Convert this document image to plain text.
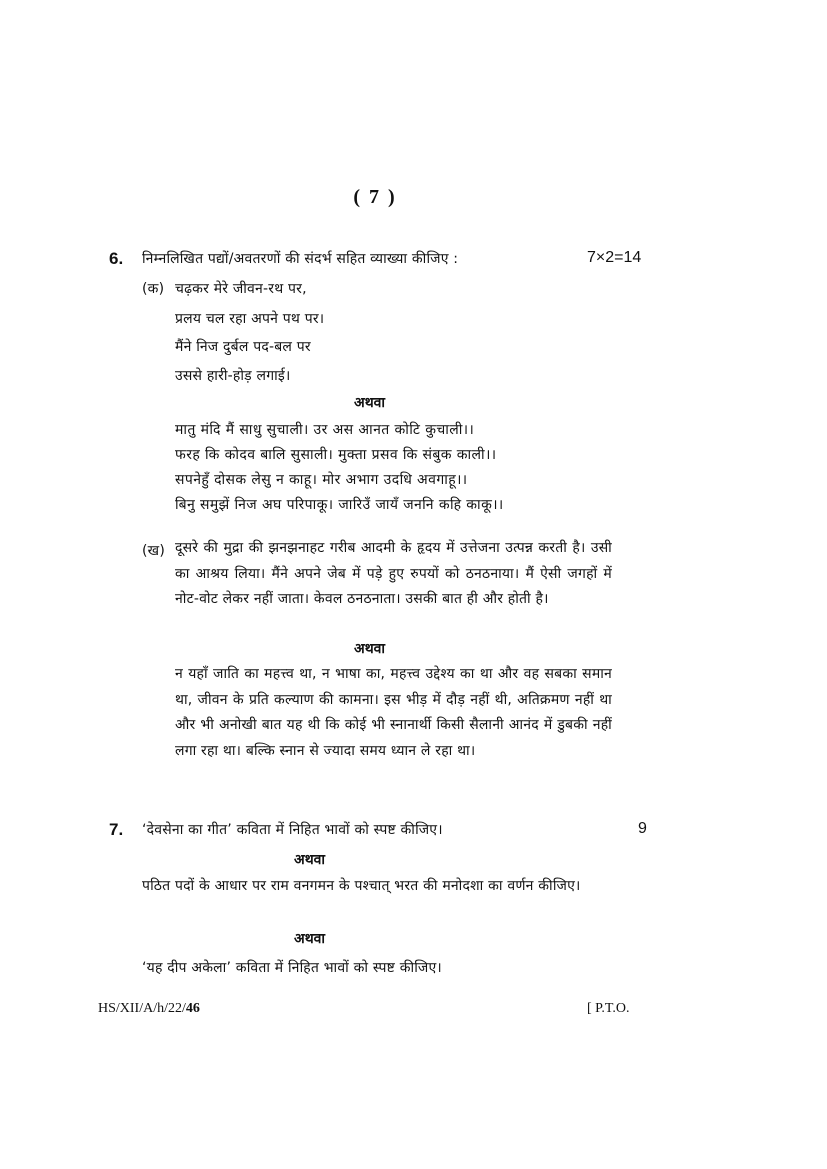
( 7 )
6. निम्नलिखित पद्यों/अवतरणों की संदर्भ सहित व्याख्या कीजिए :	7×2=14
(क) चढ़कर मेरे जीवन-रथ पर,
प्रलय चल रहा अपने पथ पर।
मैंने निज दुर्बल पद-बल पर
उससे हारी-होड़ लगाई।
अथवा
मातु मंदि मैं साधु सुचाली। उर अस आनत कोटि कुचाली।।
फरह कि कोदव बालि सुसाली। मुक्ता प्रसव कि संबुक काली।।
सपनेहुँ दोसक लेसु न काहू। मोर अभाग उदधि अवगाहू।।
बिनु समुझें निज अघ परिपाकू। जारिउँ जायँ जननि कहि काकू।।
(ख) दूसरे की मुद्रा की झनझनाहट गरीब आदमी के हृदय में उत्तेजना उत्पन्न करती है। उसी का आश्रय लिया। मैंने अपने जेब में पड़े हुए रुपयों को ठनठनाया। मैं ऐसी जगहों में नोट-वोट लेकर नहीं जाता। केवल ठनठनाता। उसकी बात ही और होती है।
अथवा
न यहाँ जाति का महत्त्व था, न भाषा का, महत्त्व उद्देश्य का था और वह सबका समान था, जीवन के प्रति कल्याण की कामना। इस भीड़ में दौड़ नहीं थी, अतिक्रमण नहीं था और भी अनोखी बात यह थी कि कोई भी स्नानार्थी किसी सैलानी आनंद में डुबकी नहीं लगा रहा था। बल्कि स्नान से ज्यादा समय ध्यान ले रहा था।
7. ‘देवसेना का गीत’ कविता में निहित भावों को स्पष्ट कीजिए।	9
अथवा
पठित पदों के आधार पर राम वनगमन के पश्चात् भरत की मनोदशा का वर्णन कीजिए।
अथवा
‘यह दीप अकेला’ कविता में निहित भावों को स्पष्ट कीजिए।
HS/XII/A/h/22/46	[ P.T.O.
